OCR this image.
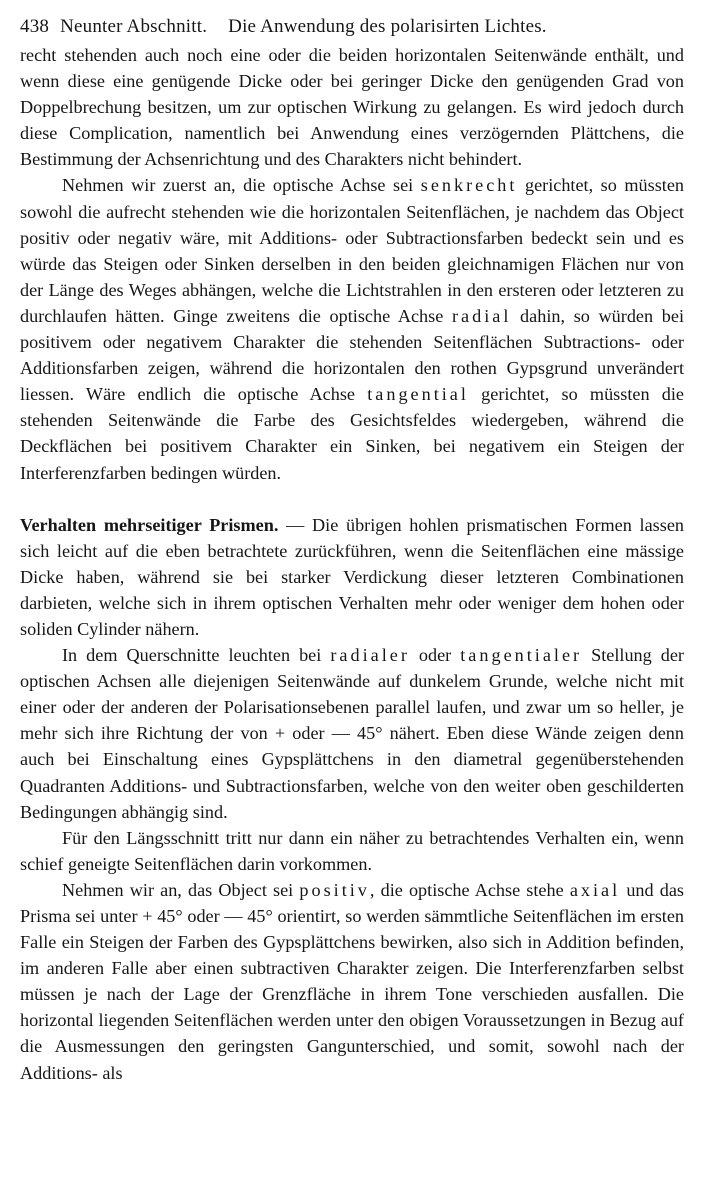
438 Neunter Abschnitt. Die Anwendung des polarisirten Lichtes.

recht stehenden auch noch eine oder die beiden horizontalen Seitenwände enthält, und wenn diese eine genügende Dicke oder bei geringer Dicke den genügenden Grad von Doppelbrechung besitzen, um zur optischen Wirkung zu gelangen. Es wird jedoch durch diese Complication, namentlich bei Anwendung eines verzögernden Plättchens, die Bestimmung der Achsenrichtung und des Charakters nicht behindert.

Nehmen wir zuerst an, die optische Achse sei senkrecht gerichtet, so müssten sowohl die aufrecht stehenden wie die horizontalen Seitenflächen, je nachdem das Object positiv oder negativ wäre, mit Additions- oder Subtractionsfarben bedeckt sein und es würde das Steigen oder Sinken derselben in den beiden gleichnamigen Flächen nur von der Länge des Weges abhängen, welche die Lichtstrahlen in den ersteren oder letzteren zu durchlaufen hätten. Ginge zweitens die optische Achse radial dahin, so würden bei positivem oder negativem Charakter die stehenden Seitenflächen Subtractions- oder Additionsfarben zeigen, während die horizontalen den rothen Gypsgrund unverändert liessen. Wäre endlich die optische Achse tangential gerichtet, so müssten die stehenden Seitenwände die Farbe des Gesichtsfeldes wiedergeben, während die Deckflächen bei positivem Charakter ein Sinken, bei negativem ein Steigen der Interferenzfarben bedingen würden.

Verhalten mehrseitiger Prismen. — Die übrigen hohlen prismatischen Formen lassen sich leicht auf die eben betrachtete zurückführen, wenn die Seitenflächen eine mässige Dicke haben, während sie bei starker Verdickung dieser letzteren Combinationen darbieten, welche sich in ihrem optischen Verhalten mehr oder weniger dem hohen oder soliden Cylinder nähern.

In dem Querschnitte leuchten bei radialer oder tangentialer Stellung der optischen Achsen alle diejenigen Seitenwände auf dunkelem Grunde, welche nicht mit einer oder der anderen der Polarisationsebenen parallel laufen, und zwar um so heller, je mehr sich ihre Richtung der von + oder — 45° nähert. Eben diese Wände zeigen denn auch bei Einschaltung eines Gypsplättchens in den diametral gegenüberstehenden Quadranten Additions- und Subtractionsfarben, welche von den weiter oben geschilderten Bedingungen abhängig sind.

Für den Längsschnitt tritt nur dann ein näher zu betrachtendes Verhalten ein, wenn schief geneigte Seitenflächen darin vorkommen.

Nehmen wir an, das Object sei positiv, die optische Achse stehe axial und das Prisma sei unter + 45° oder — 45° orientirt, so werden sämmtliche Seitenflächen im ersten Falle ein Steigen der Farben des Gypsplättchens bewirken, also sich in Addition befinden, im anderen Falle aber einen subtractiven Charakter zeigen. Die Interferenzfarben selbst müssen je nach der Lage der Grenzfläche in ihrem Tone verschieden ausfallen. Die horizontal liegenden Seitenflächen werden unter den obigen Voraussetzungen in Bezug auf die Ausmessungen den geringsten Gangunterschied, und somit, sowohl nach der Additions- als
